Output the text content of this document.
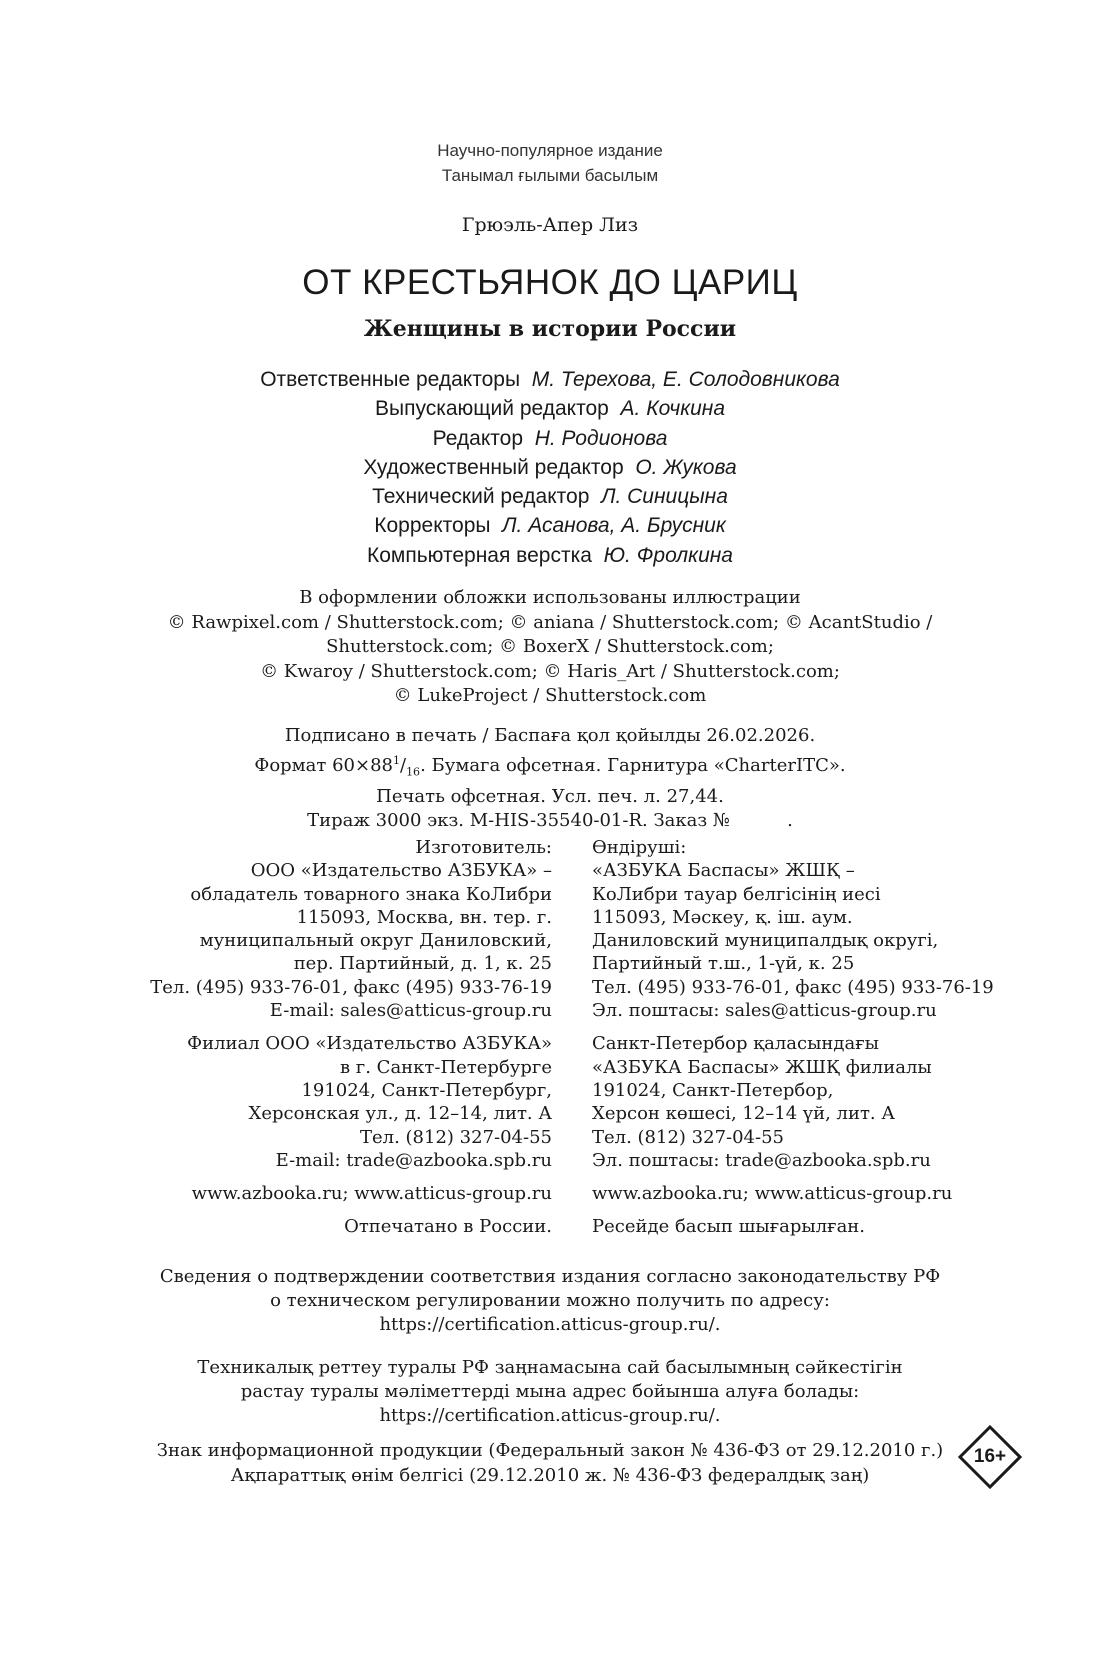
Научно-популярное издание
Танымал ғылыми басылым
Грюэль-Апер Лиз
ОТ КРЕСТЬЯНОК ДО ЦАРИЦ
Женщины в истории России
Ответственные редакторы М. Терехова, Е. Солодовникова
Выпускающий редактор А. Кочкина
Редактор Н. Родионова
Художественный редактор О. Жукова
Технический редактор Л. Синицына
Корректоры Л. Асанова, А. Брусник
Компьютерная верстка Ю. Фролкина
В оформлении обложки использованы иллюстрации
© Rawpixel.com / Shutterstock.com; © aniana / Shutterstock.com; © AcantStudio /
Shutterstock.com; © BoxerX / Shutterstock.com;
© Kwaroy / Shutterstock.com; © Haris_Art / Shutterstock.com;
© LukeProject / Shutterstock.com
Подписано в печать / Баспаға қол қойылды 26.02.2026.
Формат $60\times 88^1/_{16}$. Бумага офсетная. Гарнитура «CharterITC».
Печать офсетная. Усл. печ. л. 27,44.
Тираж 3000 экз. M-HIS-35540-01-R. Заказ №          .
Изготовитель:
ООО «Издательство АЗБУКА» –
обладатель товарного знака КоЛибри
115093, Москва, вн. тер. г.
муниципальный округ Даниловский,
пер. Партийный, д. 1, к. 25
Тел. (495) 933-76-01, факс (495) 933-76-19
E-mail: sales@atticus-group.ru
Филиал ООО «Издательство АЗБУКА»
в г. Санкт-Петербурге
191024, Санкт-Петербург,
Херсонская ул., д. 12–14, лит. А
Тел. (812) 327-04-55
E-mail: trade@azbooka.spb.ru
www.azbooka.ru; www.atticus-group.ru
Отпечатано в России.
Өндіруші:
«АЗБУКА Баспасы» ЖШҚ –
КоЛибри тауар белгісінің иесі
115093, Мәскеу, қ. іш. аум.
Даниловский муниципалдық округі,
Партийный т.ш., 1-үй, к. 25
Тел. (495) 933-76-01, факс (495) 933-76-19
Эл. поштасы: sales@atticus-group.ru
Санкт-Петербор қаласындағы
«АЗБУКА Баспасы» ЖШҚ филиалы
191024, Санкт-Петербор,
Херсон көшесі, 12–14 үй, лит. А
Тел. (812) 327-04-55
Эл. поштасы: trade@azbooka.spb.ru
www.azbooka.ru; www.atticus-group.ru
Ресейде басып шығарылған.
Сведения о подтверждении соответствия издания согласно законодательству РФ
о техническом регулировании можно получить по адресу:
https://certification.atticus-group.ru/.
Техникалық реттеу туралы РФ заңнамасына сай басылымның сәйкестігін
растау туралы мәліметтерді мына адрес бойынша алуға болады:
https://certification.atticus-group.ru/.
Знак информационной продукции (Федеральный закон № 436-ФЗ от 29.12.2010 г.)
Ақпараттық өнім белгісі (29.12.2010 ж. № 436-ФЗ федералдық заң)
16+
